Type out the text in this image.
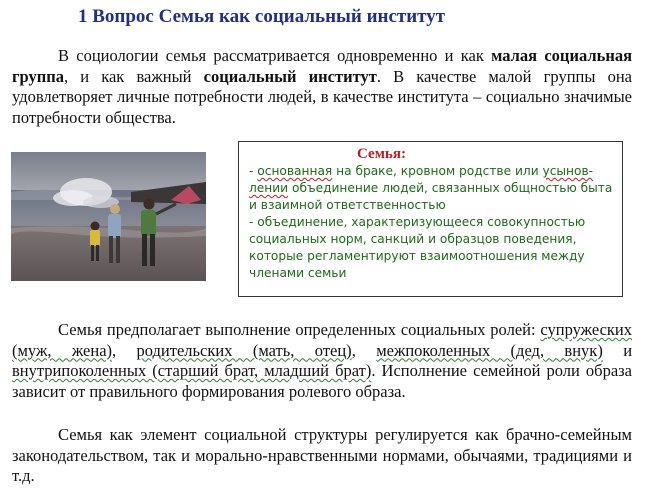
1 Вопрос Семья как социальный институт

В социологии семья рассматривается одновременно и как малая социальная группа, и как важный социальный институт. В качестве малой группы она удовлетворяет личные потребности людей, в качестве института – социально значимые потребности общества.

Семья:

- основанная на браке, кровном родстве или усынов- лении объединение людей, связанных общностью быта и взаимной ответственностью

- объединение, характеризующееся совокупностью социальных норм, санкций и образцов поведения, которые регламентируют взаимоотношения между членами семьи

Семья предполагает выполнение определенных социальных ролей: супружеских (муж, жена), родительских (мать, отец), межпоколенных (дед, внук) и внутрипоколенных (старший брат, младший брат). Исполнение семейной роли образа зависит от правильного формирования ролевого образа.

Семья как элемент социальной структуры регулируется как брачно-семейным законодательством, так и морально-нравственными нормами, обычаями, традициями и т.д.
